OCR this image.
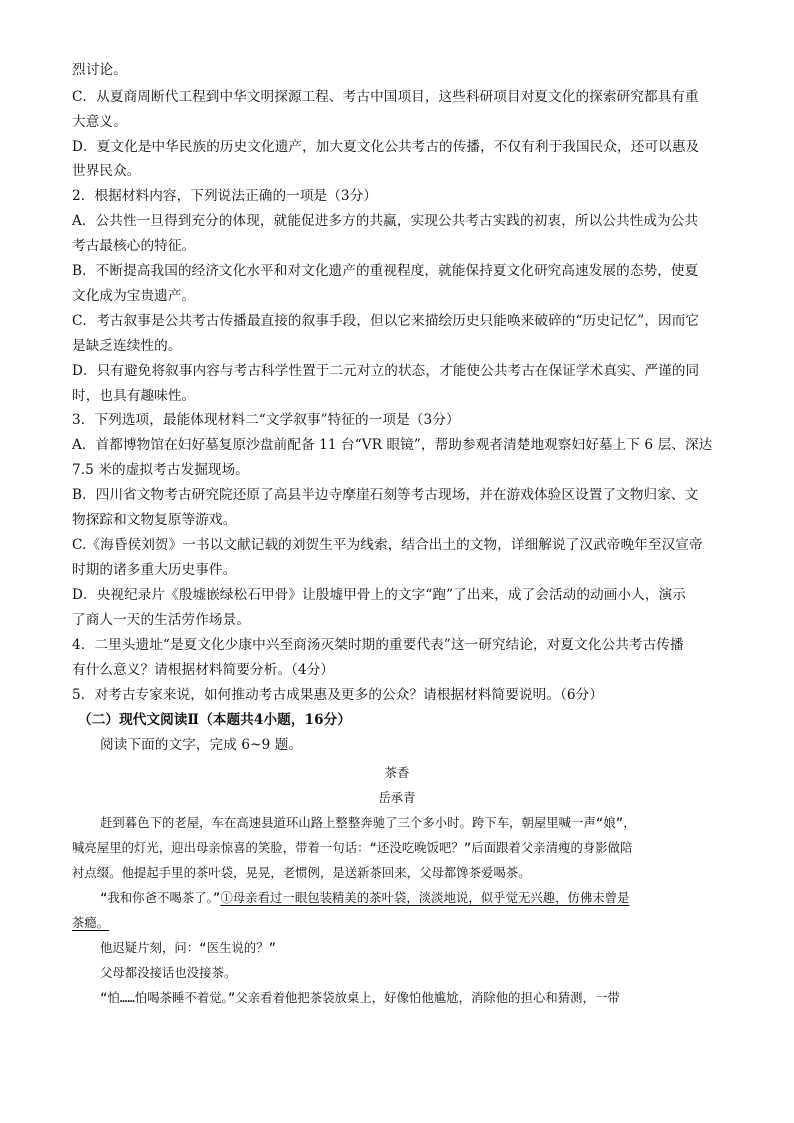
烈讨论。
C．从夏商周断代工程到中华文明探源工程、考古中国项目，这些科研项目对夏文化的探索研究都具有重
大意义。
D．夏文化是中华民族的历史文化遗产，加大夏文化公共考古的传播，不仅有利于我国民众，还可以惠及
世界民众。
2．根据材料内容，下列说法正确的一项是（3分）
A．公共性一旦得到充分的体现，就能促进多方的共赢，实现公共考古实践的初衷，所以公共性成为公共
考古最核心的特征。
B．不断提高我国的经济文化水平和对文化遗产的重视程度，就能保持夏文化研究高速发展的态势，使夏
文化成为宝贵遗产。
C．考古叙事是公共考古传播最直接的叙事手段，但以它来描绘历史只能唤来破碎的“历史记忆”，因而它
是缺乏连续性的。
D．只有避免将叙事内容与考古科学性置于二元对立的状态，才能使公共考古在保证学术真实、严谨的同
时，也具有趣味性。
3．下列选项，最能体现材料二“文学叙事”特征的一项是（3分）
A．首都博物馆在妇好墓复原沙盘前配备 11 台“VR 眼镜”，帮助参观者清楚地观察妇好墓上下 6 层、深达
7.5 米的虚拟考古发掘现场。
B．四川省文物考古研究院还原了高县半边寺摩崖石刻等考古现场，并在游戏体验区设置了文物归家、文
物探踪和文物复原等游戏。
C.《海昏侯刘贺》一书以文献记载的刘贺生平为线索，结合出土的文物，详细解说了汉武帝晚年至汉宣帝
时期的诸多重大历史事件。
D．央视纪录片《殷墟嵌绿松石甲骨》让殷墟甲骨上的文字“跑”了出来，成了会活动的动画小人，演示
了商人一天的生活劳作场景。
4．二里头遗址“是夏文化少康中兴至商汤灭桀时期的重要代表”这一研究结论，对夏文化公共考古传播
有什么意义？请根据材料简要分析。（4分）
5．对考古专家来说，如何推动考古成果惠及更多的公众？请根据材料简要说明。（6分）
（二）现代文阅读Ⅱ（本题共4小题，16分）
阅读下面的文字，完成 6~9 题。
茶香
岳承青
赶到暮色下的老屋，车在高速县道环山路上整整奔驰了三个多小时。跨下车，朝屋里喊一声“娘”，
喊亮屋里的灯光，迎出母亲惊喜的笑脸，带着一句话：“还没吃晚饭吧？”后面跟着父亲清瘦的身影做陪
衬点缀。他提起手里的茶叶袋，晃晃，老惯例，是送新茶回来，父母都馋茶爱喝茶。
“我和你爸不喝茶了。”①母亲看过一眼包装精美的茶叶袋，淡淡地说，似乎觉无兴趣，仿佛未曾是
茶瘾。
他迟疑片刻，问：“医生说的？”
父母都没接话也没接茶。
“怕……怕喝茶睡不着觉。”父亲看着他把茶袋放桌上，好像怕他尴尬，消除他的担心和猜测，一带
